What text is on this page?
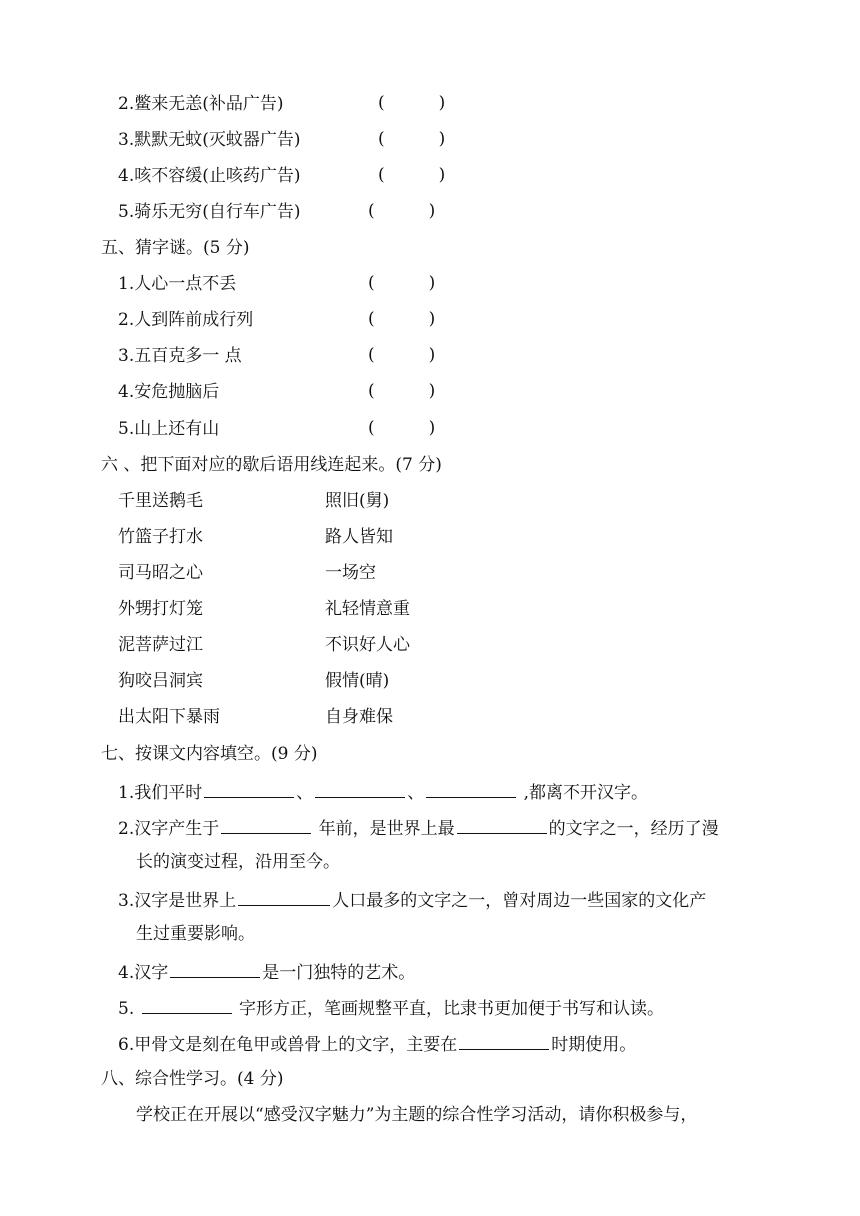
2.鳖来无恙(补品广告)	(          )
3.默默无蚊(灭蚊器广告)	(          )
4.咳不容缓(止咳药广告)	(          )
5.骑乐无穷(自行车广告)	(          )
五、猜字谜。(5 分)
1.人心一点不丢	(          )
2.人到阵前成行列	(          )
3.五百克多一 点	(          )
4.安危抛脑后	(          )
5.山上还有山	(          )
六 、把下面对应的歇后语用线连起来。(7 分)
千里送鹅毛	照旧(舅)
竹篮子打水	路人皆知
司马昭之心	一场空
外甥打灯笼	礼轻情意重
泥菩萨过江	不识好人心
狗咬吕洞宾	假情(晴)
出太阳下暴雨	自身难保
七、按课文内容填空。(9 分)
1.我们平时	、	、	,都离不开汉字。
2.汉字产生于	年前，是世界上最	的文字之一，经历了漫
长的演变过程，沿用至今。
3.汉字是世界上	人口最多的文字之一，曾对周边一些国家的文化产
生过重要影响。
4.汉字	是一门独特的艺术。
5.	字形方正，笔画规整平直，比隶书更加便于书写和认读。
6.甲骨文是刻在龟甲或兽骨上的文字，主要在	时期使用。
八、综合性学习。(4 分)
学校正在开展以“感受汉字魅力”为主题的综合性学习活动，请你积极参与，
